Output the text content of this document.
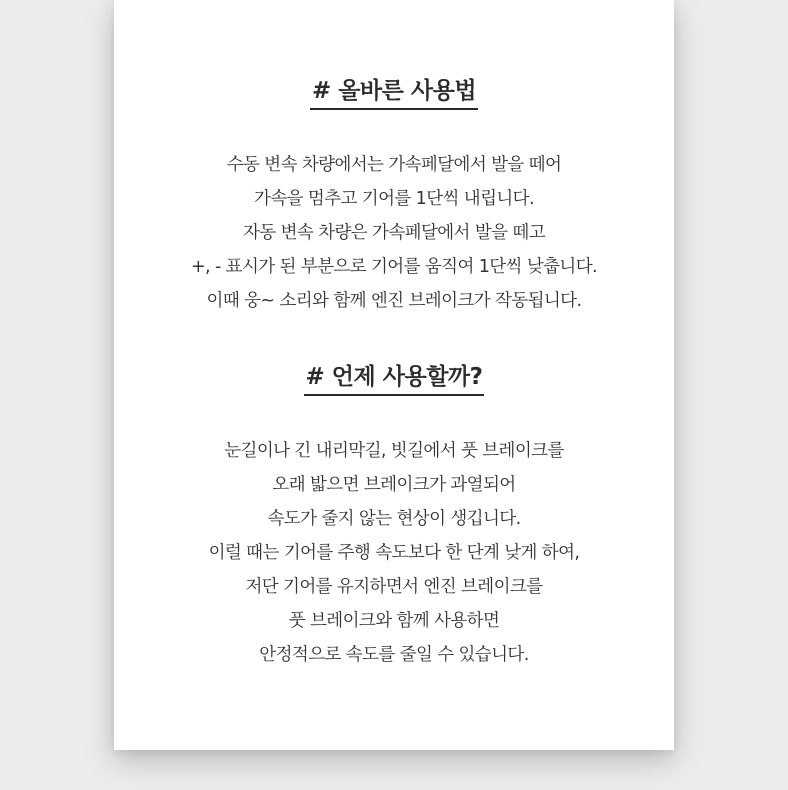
# 올바른 사용법
수동 변속 차량에서는 가속페달에서 발을 떼어
가속을 멈추고 기어를 1단씩 내립니다.
자동 변속 차량은 가속페달에서 발을 떼고
+, - 표시가 된 부분으로 기어를 움직여 1단씩 낮춥니다.
이때 웅~ 소리와 함께 엔진 브레이크가 작동됩니다.
# 언제 사용할까?
눈길이나 긴 내리막길, 빗길에서 풋 브레이크를
오래 밟으면 브레이크가 과열되어
속도가 줄지 않는 현상이 생깁니다.
이럴 때는 기어를 주행 속도보다 한 단계 낮게 하여,
저단 기어를 유지하면서 엔진 브레이크를
풋 브레이크와 함께 사용하면
안정적으로 속도를 줄일 수 있습니다.
